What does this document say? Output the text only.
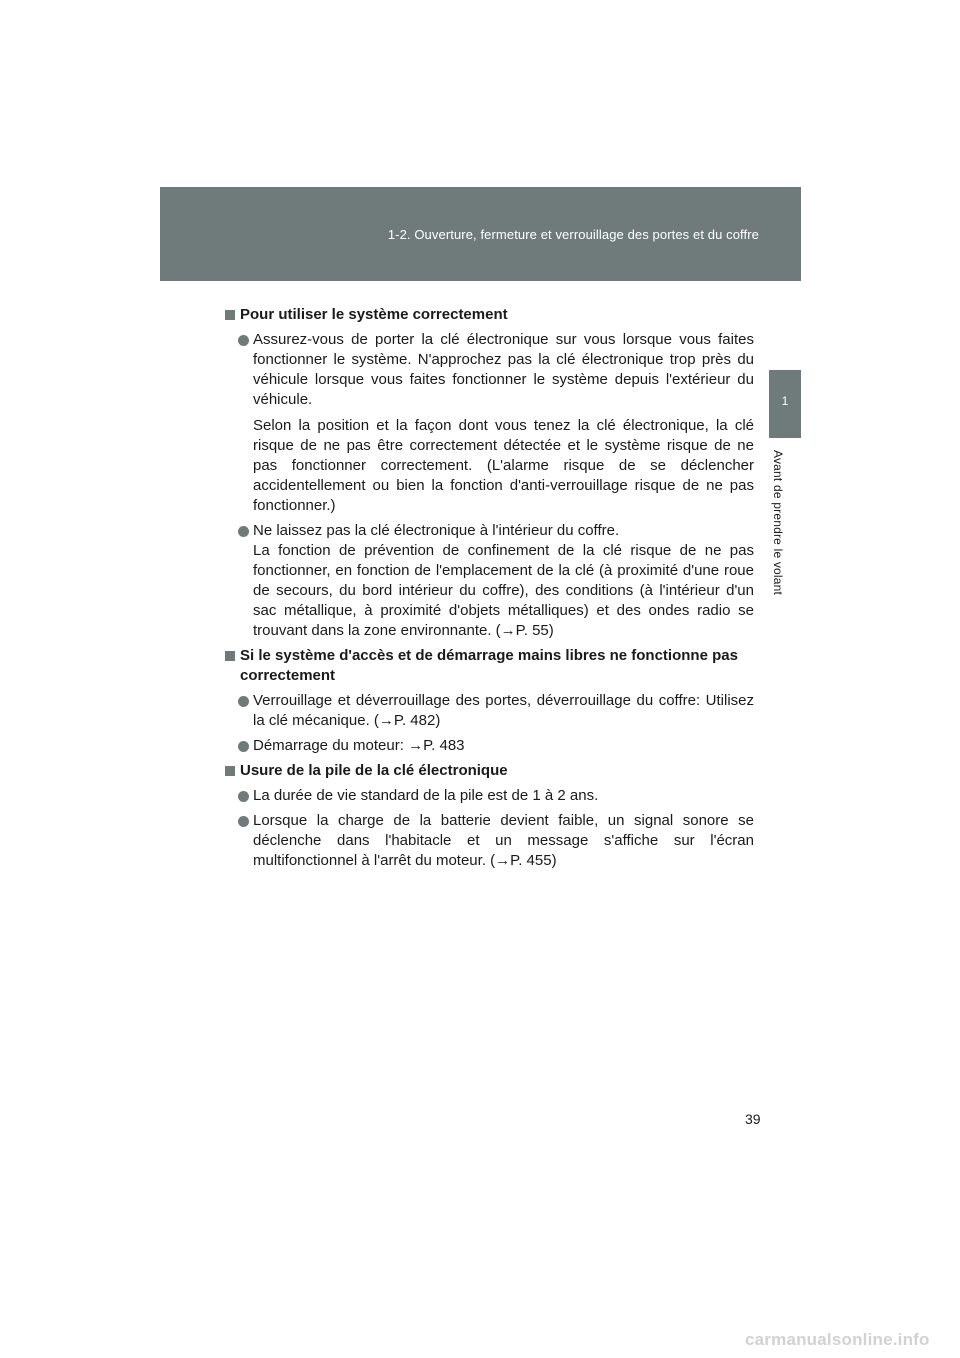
1-2. Ouverture, fermeture et verrouillage des portes et du coffre
1
Avant de prendre le volant
Pour utiliser le système correctement

Assurez-vous de porter la clé électronique sur vous lorsque vous faites fonctionner le système. N'approchez pas la clé électronique trop près du véhicule lorsque vous faites fonctionner le système depuis l'extérieur du véhicule.

Selon la position et la façon dont vous tenez la clé électronique, la clé risque de ne pas être correctement détectée et le système risque de ne pas fonctionner correctement. (L'alarme risque de se déclencher accidentellement ou bien la fonction d'anti-verrouillage risque de ne pas fonctionner.)

Ne laissez pas la clé électronique à l'intérieur du coffre.
La fonction de prévention de confinement de la clé risque de ne pas fonctionner, en fonction de l'emplacement de la clé (à proximité d'une roue de secours, du bord intérieur du coffre), des conditions (à l'intérieur d'un sac métallique, à proximité d'objets métalliques) et des ondes radio se trouvant dans la zone environnante. (→P. 55)
Si le système d'accès et de démarrage mains libres ne fonctionne pas correctement
Verrouillage et déverrouillage des portes, déverrouillage du coffre: Utilisez la clé mécanique. (→P. 482)
Démarrage du moteur: →P. 483
Usure de la pile de la clé électronique
La durée de vie standard de la pile est de 1 à 2 ans.
Lorsque la charge de la batterie devient faible, un signal sonore se déclenche dans l'habitacle et un message s'affiche sur l'écran multifonctionnel à l'arrêt du moteur. (→P. 455)
39
carmanualsonline.info
